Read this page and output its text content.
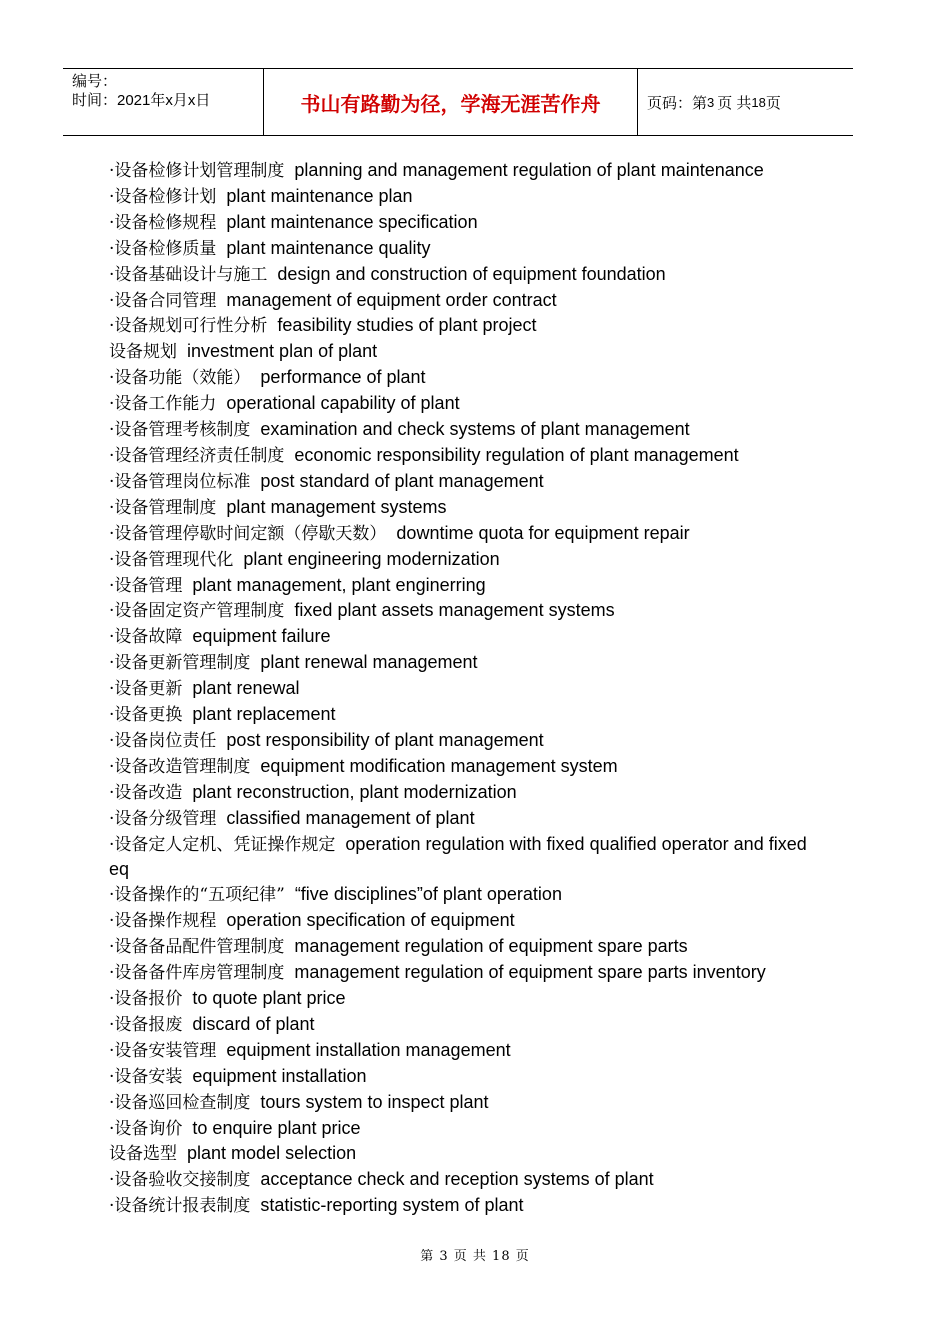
编号：
时间：2021年x月x日	书山有路勤为径，学海无涯苦作舟	页码：第 3 页 共 18 页

·设备检修计划管理制度 planning and management regulation of plant maintenance

·设备检修计划 plant maintenance plan

·设备检修规程 plant maintenance specification

·设备检修质量 plant maintenance quality

·设备基础设计与施工 design and construction of equipment foundation

·设备合同管理 management of equipment order contract

·设备规划可行性分析 feasibility studies of plant project

设备规划 investment plan of plant

·设备功能（效能） performance of plant

·设备工作能力 operational capability of plant

·设备管理考核制度 examination and check systems of plant management

·设备管理经济责任制度 economic responsibility regulation of plant management

·设备管理岗位标准 post standard of plant management

·设备管理制度 plant management systems

·设备管理停歇时间定额（停歇天数） downtime quota for equipment repair

·设备管理现代化 plant engineering modernization

·设备管理 plant management, plant enginerring

·设备固定资产管理制度 fixed plant assets management systems

·设备故障 equipment failure

·设备更新管理制度 plant renewal management

·设备更新 plant renewal

·设备更换 plant replacement

·设备岗位责任 post responsibility of plant management

·设备改造管理制度 equipment modification management system

·设备改造 plant reconstruction, plant modernization

·设备分级管理 classified management of plant

·设备定人定机、凭证操作规定 operation regulation with fixed qualified operator and fixed eq

·设备操作的“五项纪律” “five disciplines”of plant operation

·设备操作规程 operation specification of equipment

·设备备品配件管理制度 management regulation of equipment spare parts

·设备备件库房管理制度 management regulation of equipment spare parts inventory

·设备报价 to quote plant price

·设备报废 discard of plant

·设备安装管理 equipment installation management

·设备安装 equipment installation

·设备巡回检查制度 tours system to inspect plant

·设备询价 to enquire plant price

设备选型 plant model selection

·设备验收交接制度 acceptance check and reception systems of plant

·设备统计报表制度 statistic-reporting system of plant

第 3 页 共 18 页
